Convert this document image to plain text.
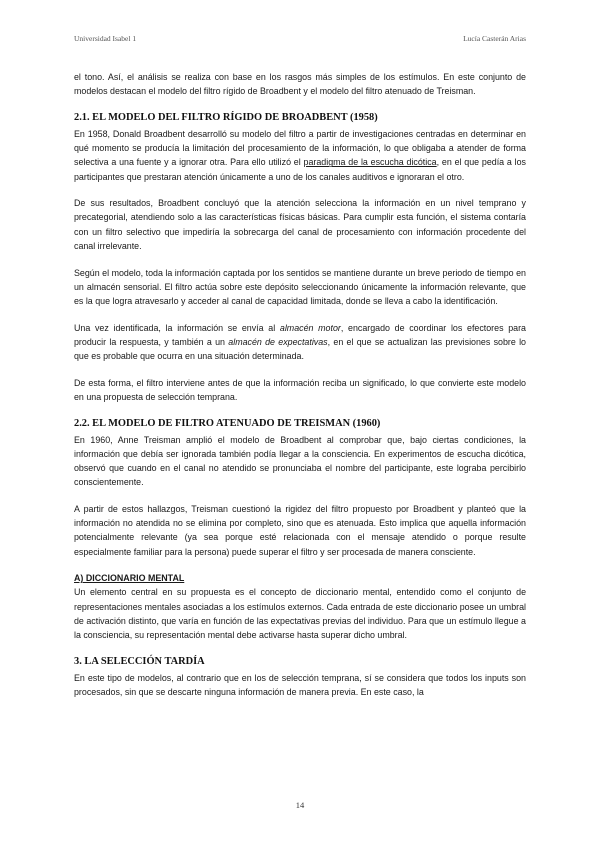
Universidad Isabel 1	Lucía Casterán Arias

el tono. Así, el análisis se realiza con base en los rasgos más simples de los estímulos. En este conjunto de modelos destacan el modelo del filtro rígido de Broadbent y el modelo del filtro atenuado de Treisman.

2.1. EL MODELO DEL FILTRO RÍGIDO DE BROADBENT (1958)

En 1958, Donald Broadbent desarrolló su modelo del filtro a partir de investigaciones centradas en determinar en qué momento se producía la limitación del procesamiento de la información, lo que obligaba a atender de forma selectiva a una fuente y a ignorar otra. Para ello utilizó el paradigma de la escucha dicótica, en el que pedía a los participantes que prestaran atención únicamente a uno de los canales auditivos e ignoraran el otro.

De sus resultados, Broadbent concluyó que la atención selecciona la información en un nivel temprano y precategorial, atendiendo solo a las características físicas básicas. Para cumplir esta función, el sistema contaría con un filtro selectivo que impediría la sobrecarga del canal de procesamiento con información procedente del canal irrelevante.

Según el modelo, toda la información captada por los sentidos se mantiene durante un breve periodo de tiempo en un almacén sensorial. El filtro actúa sobre este depósito seleccionando únicamente la información relevante, que es la que logra atravesarlo y acceder al canal de capacidad limitada, donde se lleva a cabo la identificación.

Una vez identificada, la información se envía al almacén motor, encargado de coordinar los efectores para producir la respuesta, y también a un almacén de expectativas, en el que se actualizan las previsiones sobre lo que es probable que ocurra en una situación determinada.

De esta forma, el filtro interviene antes de que la información reciba un significado, lo que convierte este modelo en una propuesta de selección temprana.

2.2. EL MODELO DE FILTRO ATENUADO DE TREISMAN (1960)

En 1960, Anne Treisman amplió el modelo de Broadbent al comprobar que, bajo ciertas condiciones, la información que debía ser ignorada también podía llegar a la consciencia. En experimentos de escucha dicótica, observó que cuando en el canal no atendido se pronunciaba el nombre del participante, este lograba percibirlo conscientemente.

A partir de estos hallazgos, Treisman cuestionó la rigidez del filtro propuesto por Broadbent y planteó que la información no atendida no se elimina por completo, sino que es atenuada. Esto implica que aquella información potencialmente relevante (ya sea porque esté relacionada con el mensaje atendido o porque resulte especialmente familiar para la persona) puede superar el filtro y ser procesada de manera consciente.

A) DICCIONARIO MENTAL

Un elemento central en su propuesta es el concepto de diccionario mental, entendido como el conjunto de representaciones mentales asociadas a los estímulos externos. Cada entrada de este diccionario posee un umbral de activación distinto, que varía en función de las expectativas previas del individuo. Para que un estímulo llegue a la consciencia, su representación mental debe activarse hasta superar dicho umbral.

3. LA SELECCIÓN TARDÍA

En este tipo de modelos, al contrario que en los de selección temprana, sí se considera que todos los inputs son procesados, sin que se descarte ninguna información de manera previa. En este caso, la

14
